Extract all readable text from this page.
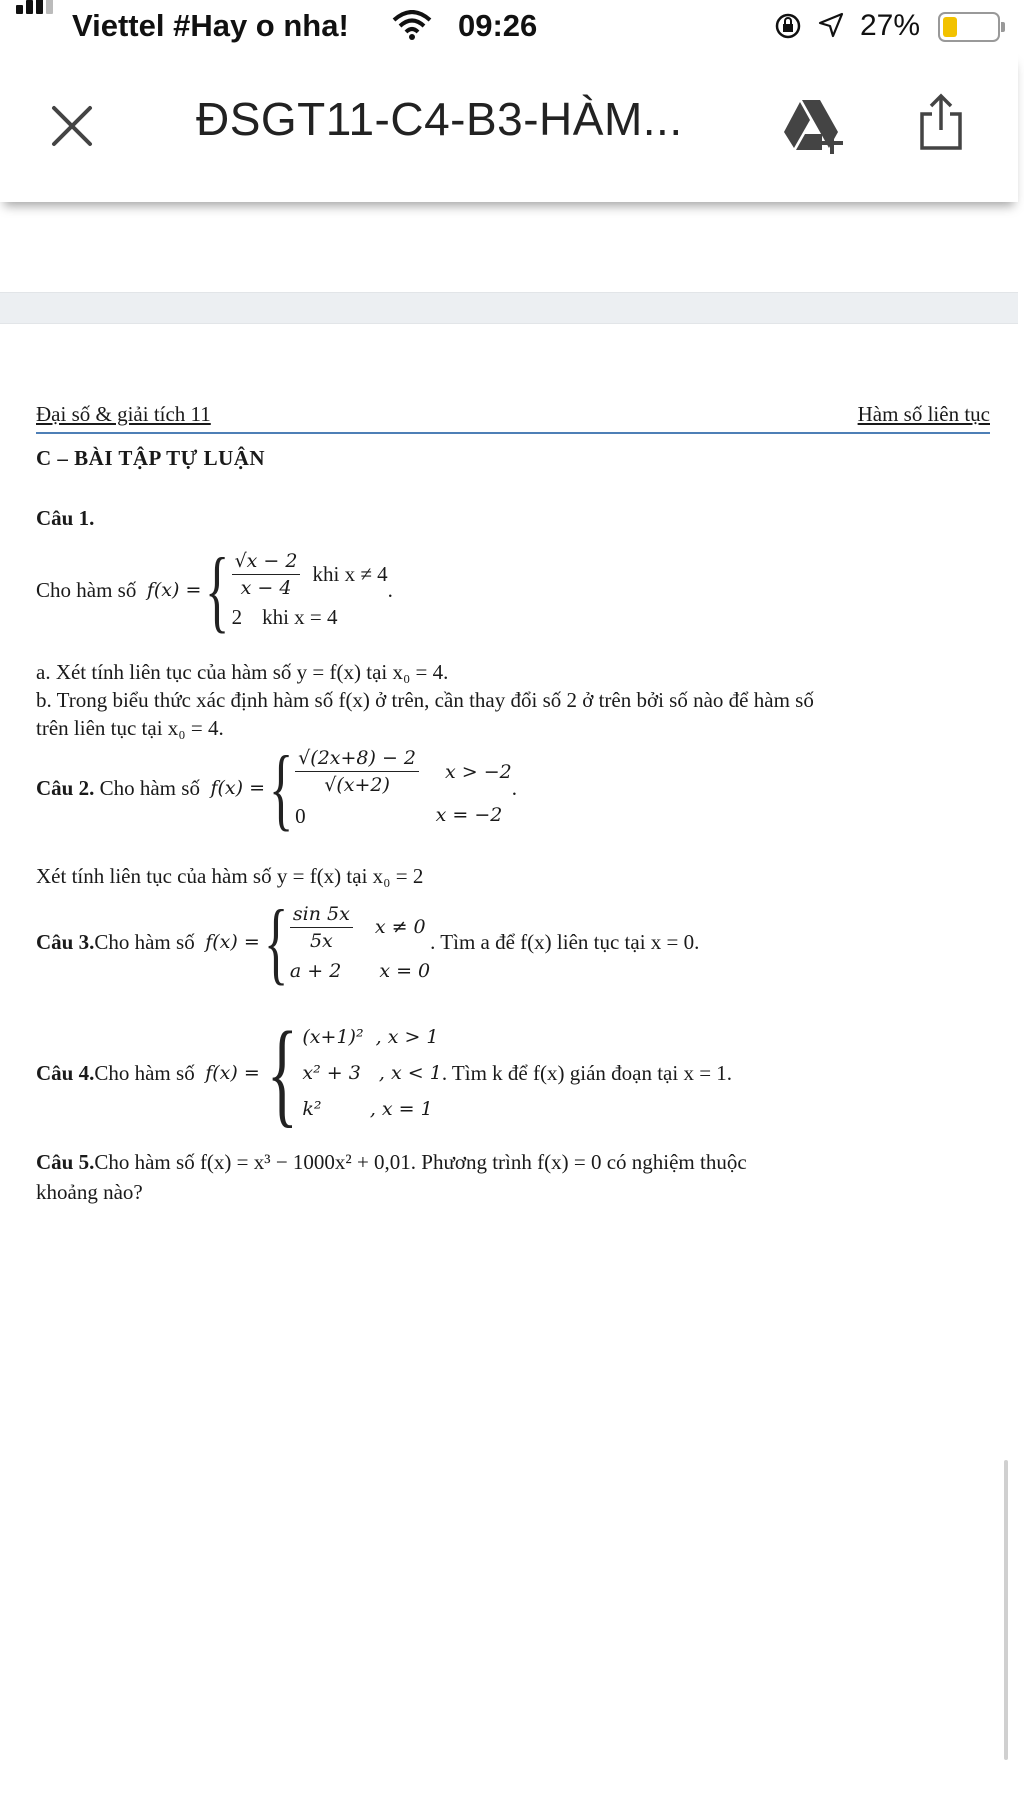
Viettel #Hay o nha!	09:26	27%
ĐSGT11-C4-B3-HÀM...
Đại số & giải tích 11	Hàm số liên tục
C – BÀI TẬP TỰ LUẬN
Câu 1.
Cho hàm số
f(x) = { $\frac{√x - 2}{x - 4}$ khi x ≠ 4
2 khi x = 4
.
a. Xét tính liên tục của hàm số y = f(x) tại x₀ = 4.
b. Trong biểu thức xác định hàm số f(x) ở trên, cần thay đổi số 2 ở trên bởi số nào để hàm số
trên liên tục tại x₀ = 4.
Câu 2.
Cho hàm số
f(x) = { $\frac{√(2x+8) - 2}{√(x+2)}$ x > −2
0	x = −2
.
Xét tính liên tục của hàm số y = f(x) tại x₀ = 2
Câu 3. Cho hàm số
f(x) = { $\frac{\sin 5x}{5x}$ x ≠ 0
a + 2 x = 0
. Tìm a để f(x) liên tục tại x = 0.
Câu 4. Cho hàm số
f(x) = { (x+1)²  , x > 1
x² + 3   , x < 1
k²        , x = 1
. Tìm k để f(x) gián đoạn tại x = 1.
Câu 5.Cho hàm số f(x) = x³ − 1000x² + 0,01. Phương trình f(x) = 0 có nghiệm thuộc
khoảng nào?
